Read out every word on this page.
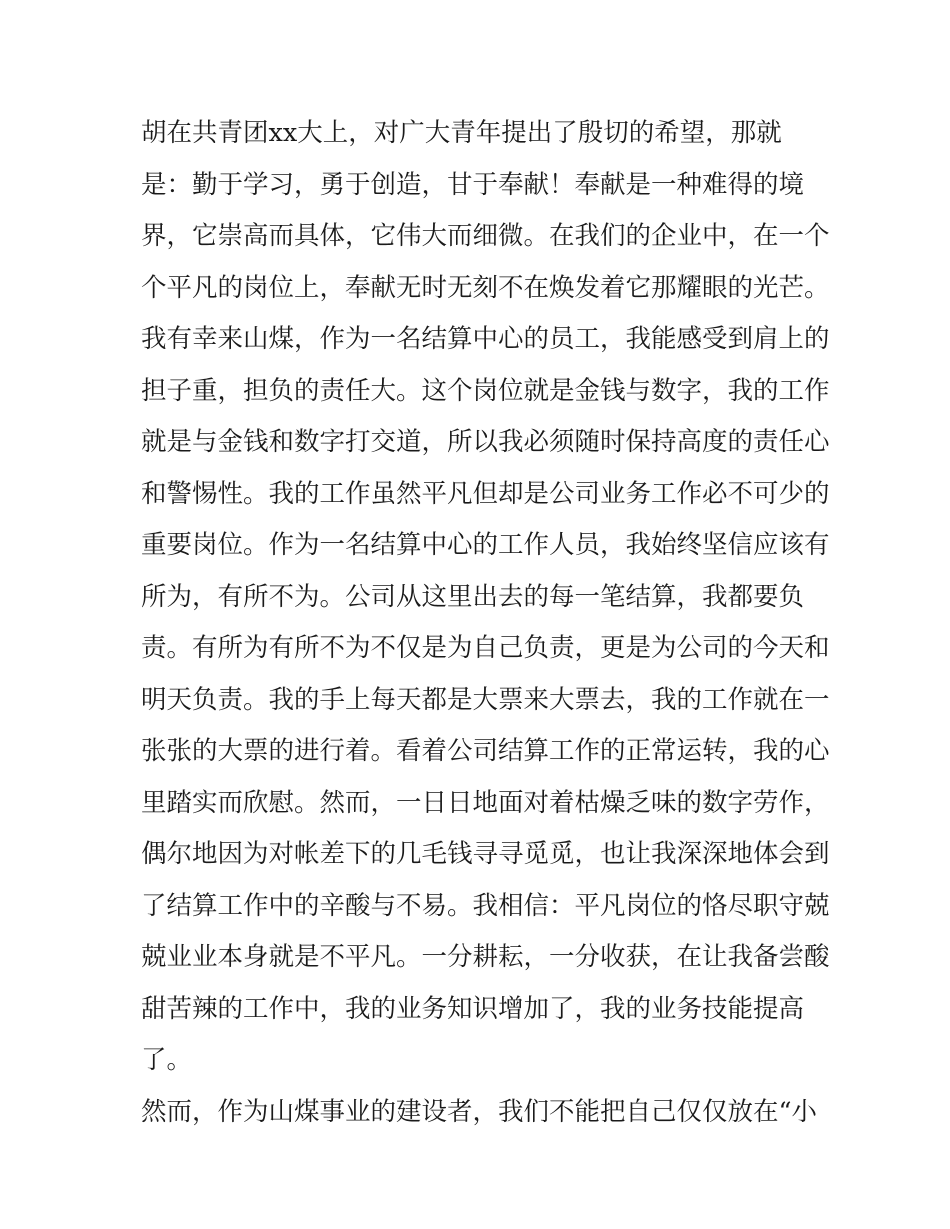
胡在共青团xx大上，对广大青年提出了殷切的希望，那就
是：勤于学习，勇于创造，甘于奉献！奉献是一种难得的境
界，它崇高而具体，它伟大而细微。在我们的企业中，在一个
个平凡的岗位上，奉献无时无刻不在焕发着它那耀眼的光芒。
我有幸来山煤，作为一名结算中心的员工，我能感受到肩上的
担子重，担负的责任大。这个岗位就是金钱与数字，我的工作
就是与金钱和数字打交道，所以我必须随时保持高度的责任心
和警惕性。我的工作虽然平凡但却是公司业务工作必不可少的
重要岗位。作为一名结算中心的工作人员，我始终坚信应该有
所为，有所不为。公司从这里出去的每一笔结算，我都要负
责。有所为有所不为不仅是为自己负责，更是为公司的今天和
明天负责。我的手上每天都是大票来大票去，我的工作就在一
张张的大票的进行着。看着公司结算工作的正常运转，我的心
里踏实而欣慰。然而，一日日地面对着枯燥乏味的数字劳作，
偶尔地因为对帐差下的几毛钱寻寻觅觅，也让我深深地体会到
了结算工作中的辛酸与不易。我相信：平凡岗位的恪尽职守兢
兢业业本身就是不平凡。一分耕耘，一分收获，在让我备尝酸
甜苦辣的工作中，我的业务知识增加了，我的业务技能提高
了。
然而，作为山煤事业的建设者，我们不能把自己仅仅放在“小
